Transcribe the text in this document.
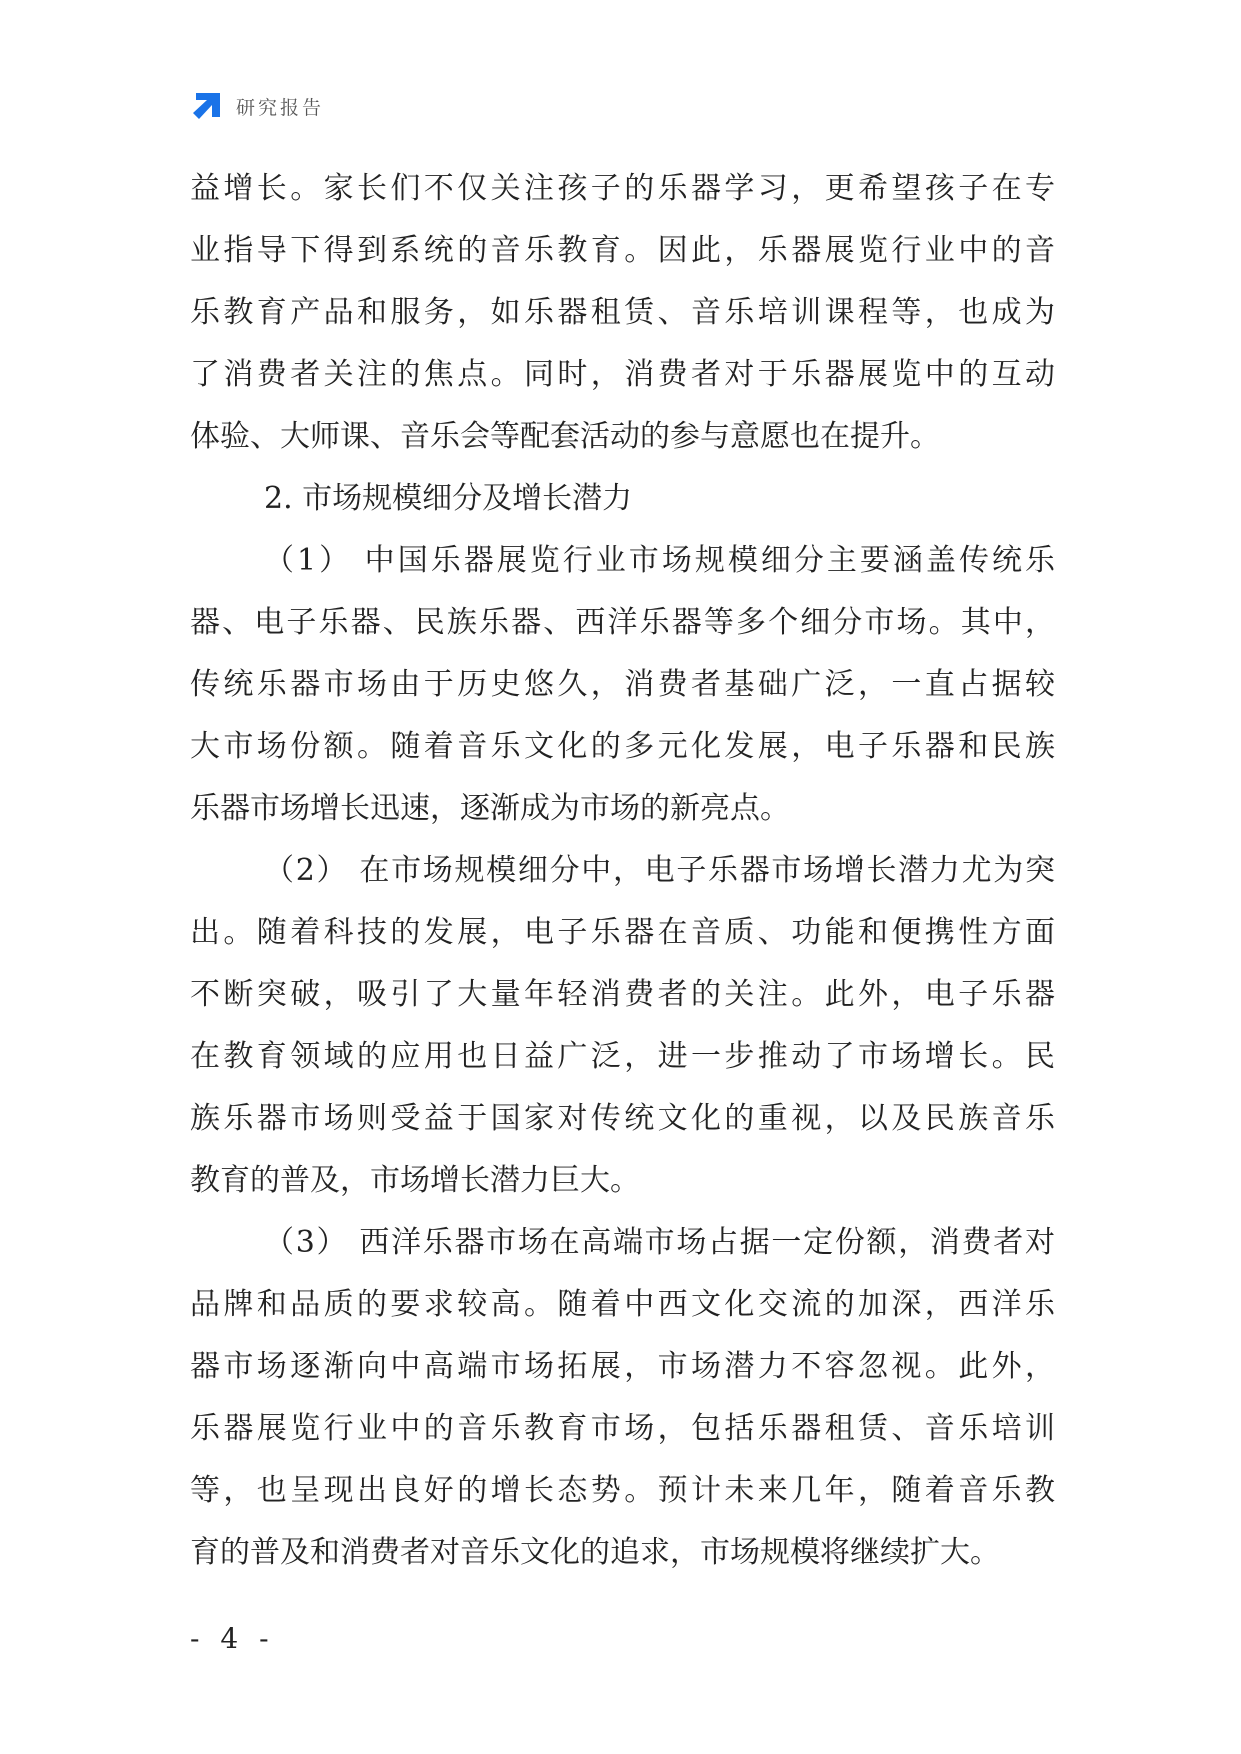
研究报告
益增长。家长们不仅关注孩子的乐器学习，更希望孩子在专
业指导下得到系统的音乐教育。因此，乐器展览行业中的音
乐教育产品和服务，如乐器租赁、音乐培训课程等，也成为
了消费者关注的焦点。同时，消费者对于乐器展览中的互动
体验、大师课、音乐会等配套活动的参与意愿也在提升。
2. 市场规模细分及增长潜力
（1） 中国乐器展览行业市场规模细分主要涵盖传统乐
器、电子乐器、民族乐器、西洋乐器等多个细分市场。其中，
传统乐器市场由于历史悠久，消费者基础广泛，一直占据较
大市场份额。随着音乐文化的多元化发展，电子乐器和民族
乐器市场增长迅速，逐渐成为市场的新亮点。
（2） 在市场规模细分中，电子乐器市场增长潜力尤为突
出。随着科技的发展，电子乐器在音质、功能和便携性方面
不断突破，吸引了大量年轻消费者的关注。此外，电子乐器
在教育领域的应用也日益广泛，进一步推动了市场增长。民
族乐器市场则受益于国家对传统文化的重视，以及民族音乐
教育的普及，市场增长潜力巨大。
（3） 西洋乐器市场在高端市场占据一定份额，消费者对
品牌和品质的要求较高。随着中西文化交流的加深，西洋乐
器市场逐渐向中高端市场拓展，市场潜力不容忽视。此外，
乐器展览行业中的音乐教育市场，包括乐器租赁、音乐培训
等，也呈现出良好的增长态势。预计未来几年，随着音乐教
育的普及和消费者对音乐文化的追求，市场规模将继续扩大。
- 4 -
